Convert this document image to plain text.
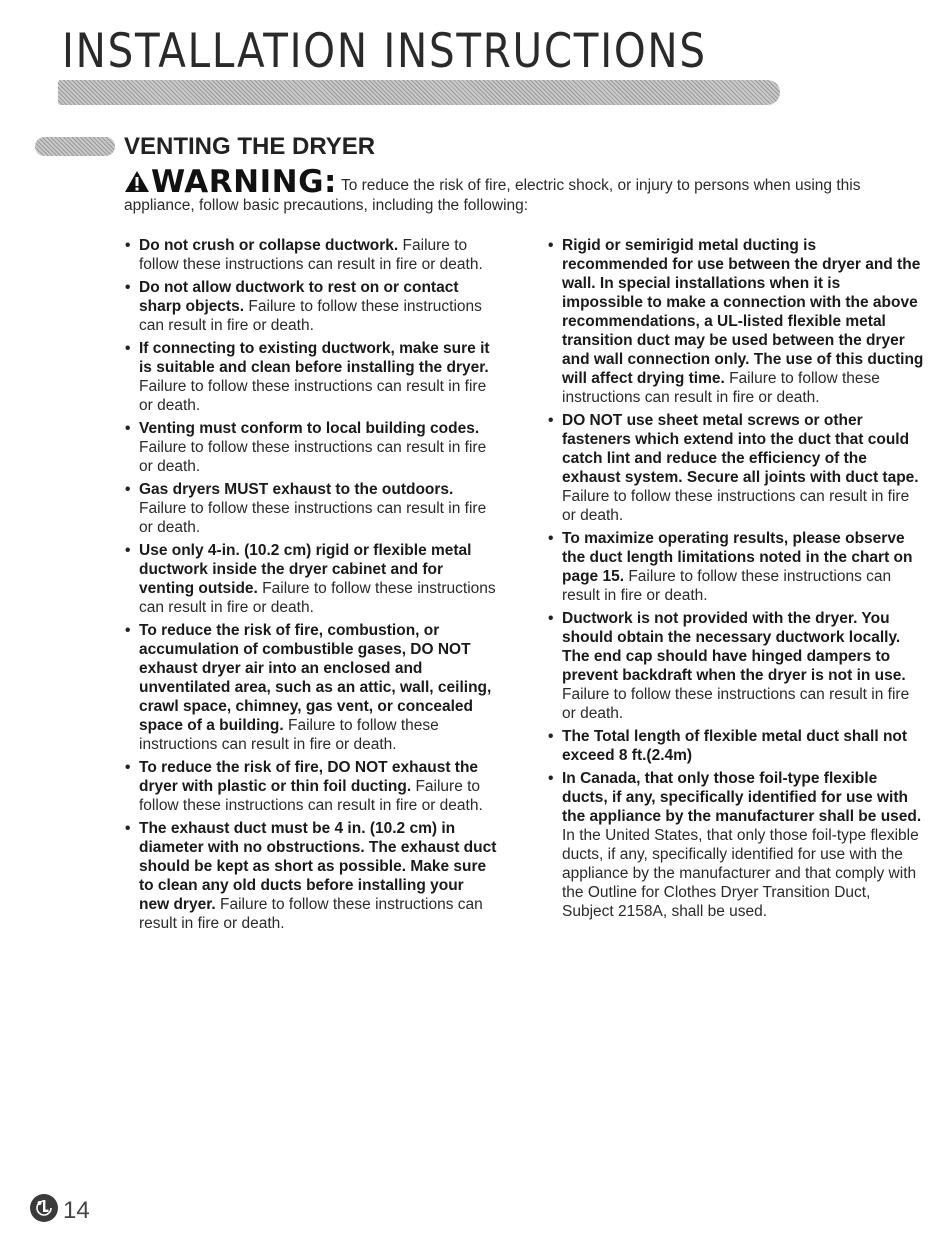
INSTALLATION INSTRUCTIONS
VENTING THE DRYER
WARNING: To reduce the risk of fire, electric shock, or injury to persons when using this appliance, follow basic precautions, including the following:
• Do not crush or collapse ductwork. Failure to follow these instructions can result in fire or death.
• Do not allow ductwork to rest on or contact sharp objects. Failure to follow these instructions can result in fire or death.
• If connecting to existing ductwork, make sure it is suitable and clean before installing the dryer. Failure to follow these instructions can result in fire or death.
• Venting must conform to local building codes. Failure to follow these instructions can result in fire or death.
• Gas dryers MUST exhaust to the outdoors. Failure to follow these instructions can result in fire or death.
• Use only 4-in. (10.2 cm) rigid or flexible metal ductwork inside the dryer cabinet and for venting outside. Failure to follow these instructions can result in fire or death.
• To reduce the risk of fire, combustion, or accumulation of combustible gases, DO NOT exhaust dryer air into an enclosed and unventilated area, such as an attic, wall, ceiling, crawl space, chimney, gas vent, or concealed space of a building. Failure to follow these instructions can result in fire or death.
• To reduce the risk of fire, DO NOT exhaust the dryer with plastic or thin foil ducting. Failure to follow these instructions can result in fire or death.
• The exhaust duct must be 4 in. (10.2 cm) in diameter with no obstructions. The exhaust duct should be kept as short as possible. Make sure to clean any old ducts before installing your new dryer. Failure to follow these instructions can result in fire or death.
• Rigid or semirigid metal ducting is recommended for use between the dryer and the wall. In special installations when it is impossible to make a connection with the above recommendations, a UL-listed flexible metal transition duct may be used between the dryer and wall connection only. The use of this ducting will affect drying time. Failure to follow these instructions can result in fire or death.
• DO NOT use sheet metal screws or other fasteners which extend into the duct that could catch lint and reduce the efficiency of the exhaust system. Secure all joints with duct tape. Failure to follow these instructions can result in fire or death.
• To maximize operating results, please observe the duct length limitations noted in the chart on page 15. Failure to follow these instructions can result in fire or death.
• Ductwork is not provided with the dryer. You should obtain the necessary ductwork locally. The end cap should have hinged dampers to prevent backdraft when the dryer is not in use. Failure to follow these instructions can result in fire or death.
• The Total length of flexible metal duct shall not exceed 8 ft.(2.4m)
• In Canada, that only those foil-type flexible ducts, if any, specifically identified for use with the appliance by the manufacturer shall be used. In the United States, that only those foil-type flexible ducts, if any, specifically identified for use with the appliance by the manufacturer and that comply with the Outline for Clothes Dryer Transition Duct, Subject 2158A, shall be used.
14
